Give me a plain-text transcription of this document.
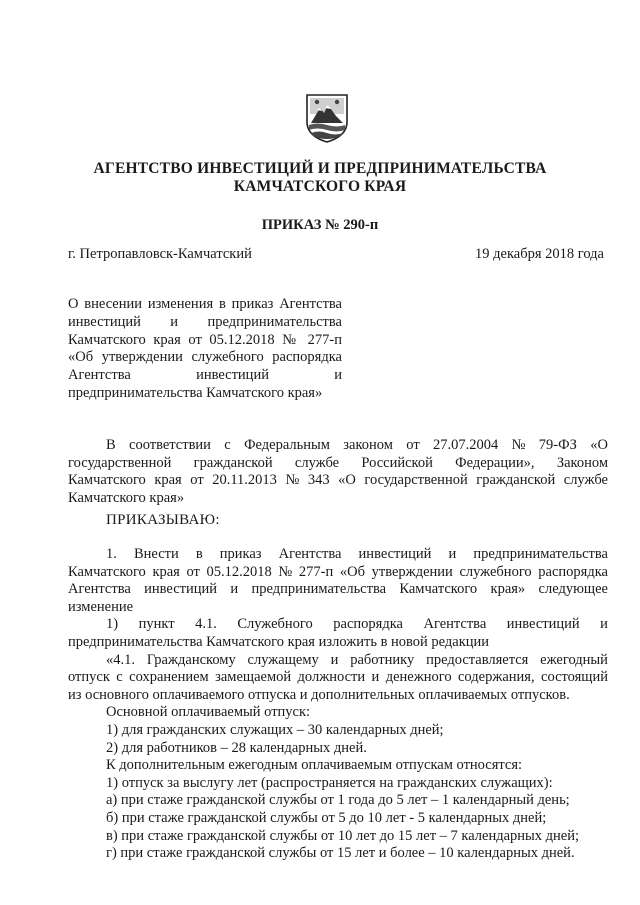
АГЕНТСТВО ИНВЕСТИЦИЙ И ПРЕДПРИНИМАТЕЛЬСТВА
КАМЧАТСКОГО КРАЯ
ПРИКАЗ № 290-п
г. Петропавловск-Камчатский	19 декабря 2018 года
О внесении изменения в приказ Агентства
инвестиций и предпринимательства
Камчатского края от 05.12.2018 № 277-п
«Об утверждении служебного распорядка
Агентства инвестиций и
предпринимательства Камчатского края»
В соответствии с Федеральным законом от 27.07.2004 № 79-ФЗ «О
государственной гражданской службе Российской Федерации», Законом
Камчатского края от 20.11.2013 № 343 «О государственной гражданской службе
Камчатского края»
ПРИКАЗЫВАЮ:
1. Внести в приказ Агентства инвестиций и предпринимательства
Камчатского края от 05.12.2018 № 277-п «Об утверждении служебного распорядка
Агентства инвестиций и предпринимательства Камчатского края» следующее
изменение
1) пункт 4.1. Служебного распорядка Агентства инвестиций и
предпринимательства Камчатского края изложить в новой редакции
«4.1. Гражданскому служащему и работнику предоставляется ежегодный
отпуск с сохранением замещаемой должности и денежного содержания, состоящий
из основного оплачиваемого отпуска и дополнительных оплачиваемых отпусков.
Основной оплачиваемый отпуск:
1) для гражданских служащих – 30 календарных дней;
2) для работников – 28 календарных дней.
К дополнительным ежегодным оплачиваемым отпускам относятся:
1) отпуск за выслугу лет (распространяется на гражданских служащих):
а) при стаже гражданской службы от 1 года до 5 лет – 1 календарный день;
б) при стаже гражданской службы от 5 до 10 лет - 5 календарных дней;
в) при стаже гражданской службы от 10 лет до 15 лет – 7 календарных дней;
г) при стаже гражданской службы от 15 лет и более – 10 календарных дней.
